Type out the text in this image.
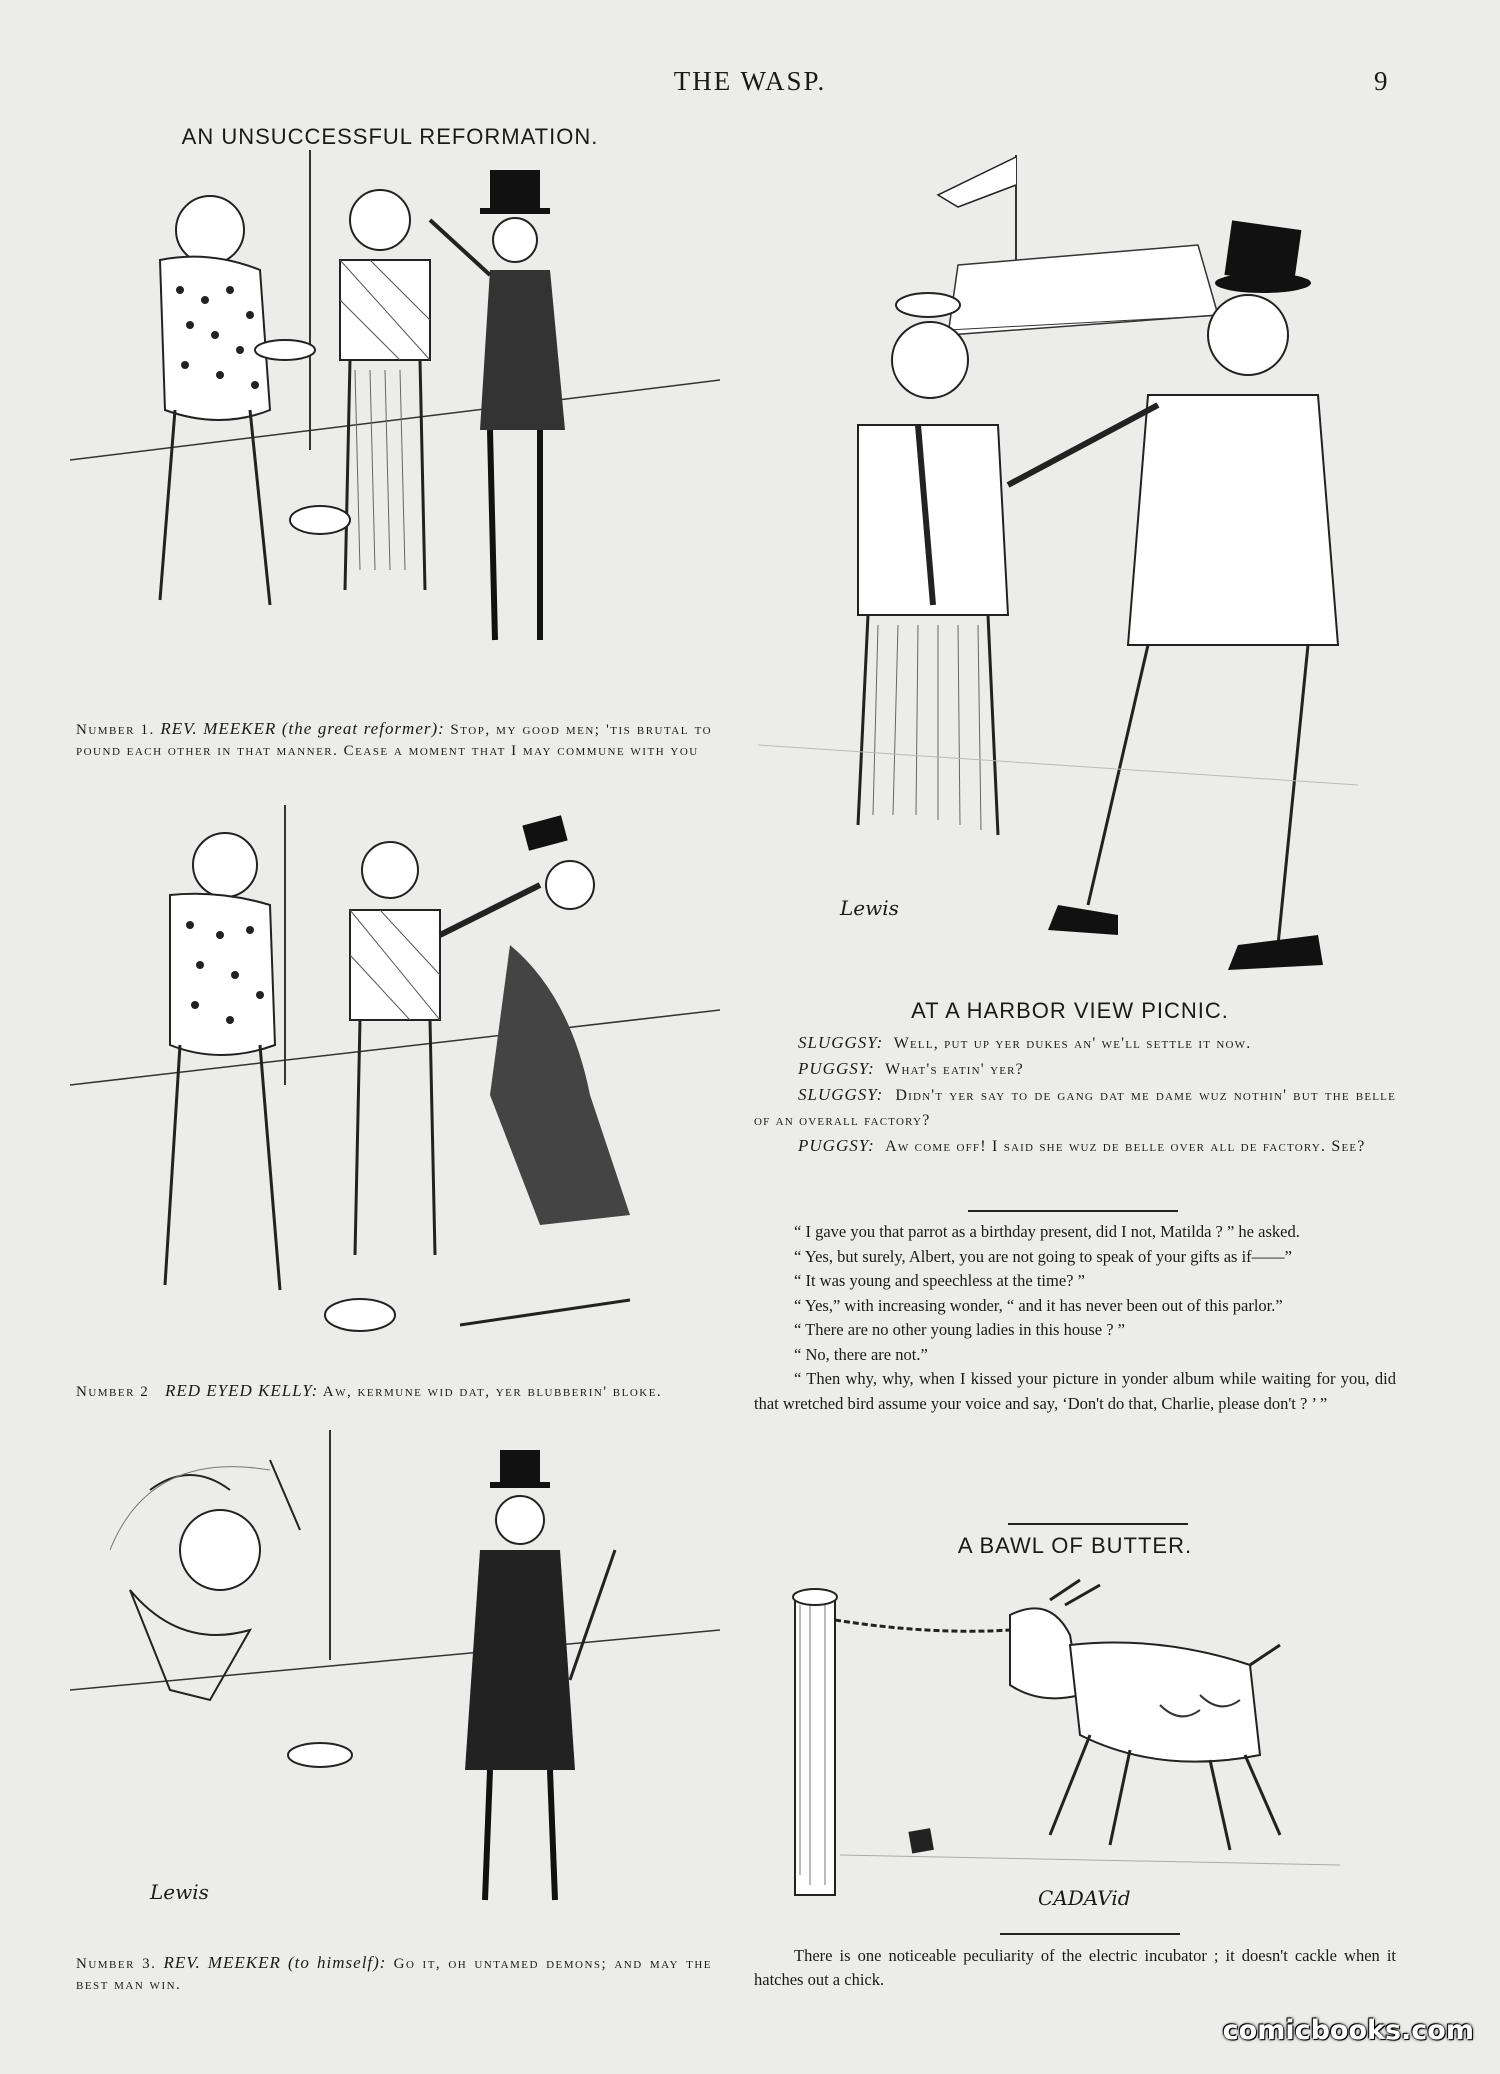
THE WASP.	9
AN UNSUCCESSFUL REFORMATION.
Number 1. REV. MEEKER (the great reformer): Stop, my good men; 'tis brutal to pound each other in that manner. Cease a moment that I may commune with you
Number 2 RED EYED KELLY: Aw, kermune wid dat, yer blubberin' bloke.
Lewis
Number 3. REV. MEEKER (to himself): Go it, oh untamed demons; and may the best man win.
Lewis
AT A HARBOR VIEW PICNIC.

SLUGGSY: Well, put up yer dukes an' we'll settle it now.

PUGGSY: What's eatin' yer?

SLUGGSY: Didn't yer say to de gang dat me dame wuz nothin' but the belle of an overall factory?

PUGGSY: Aw come off! I said she wuz de belle over all de factory. See?

“ I gave you that parrot as a birthday present, did I not, Matilda ? ” he asked.

“ Yes, but surely, Albert, you are not going to speak of your gifts as if——”

“ It was young and speechless at the time? ”

“ Yes,” with increasing wonder, “ and it has never been out of this parlor.”

“ There are no other young ladies in this house ? ”

“ No, there are not.”

“ Then why, why, when I kissed your picture in yonder album while waiting for you, did that wretched bird assume your voice and say, ‘Don't do that, Charlie, please don't ? ’ ”

A BAWL OF BUTTER.
CADAVid
There is one noticeable peculiarity of the electric incubator ; it doesn't cackle when it hatches out a chick.
comicbooks.com
